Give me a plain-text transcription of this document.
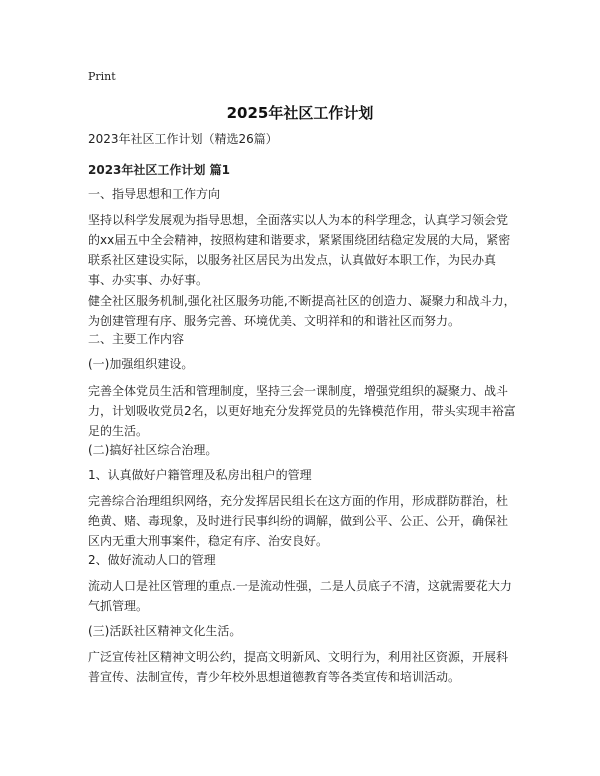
Print
2025年社区工作计划
2023年社区工作计划（精选26篇）
2023年社区工作计划 篇1
一、指导思想和工作方向
坚持以科学发展观为指导思想，全面落实以人为本的科学理念，认真学习领会党的xx届五中全会精神，按照构建和谐要求，紧紧围绕团结稳定发展的大局，紧密联系社区建设实际，以服务社区居民为出发点，认真做好本职工作，为民办真事、办实事、办好事。
健全社区服务机制,强化社区服务功能,不断提高社区的创造力、凝聚力和战斗力，为创建管理有序、服务完善、环境优美、文明祥和的和谐社区而努力。
二、主要工作内容
(一)加强组织建设。
完善全体党员生活和管理制度，坚持三会一课制度，增强党组织的凝聚力、战斗力，计划吸收党员2名，以更好地充分发挥党员的先锋模范作用，带头实现丰裕富足的生活。
(二)搞好社区综合治理。
1、认真做好户籍管理及私房出租户的管理
完善综合治理组织网络，充分发挥居民组长在这方面的作用，形成群防群治，杜绝黄、赌、毒现象，及时进行民事纠纷的调解，做到公平、公正、公开，确保社区内无重大刑事案件，稳定有序、治安良好。
2、做好流动人口的管理
流动人口是社区管理的重点.一是流动性强，二是人员底子不清，这就需要花大力气抓管理。
(三)活跃社区精神文化生活。
广泛宣传社区精神文明公约，提高文明新风、文明行为，利用社区资源，开展科普宣传、法制宣传，青少年校外思想道德教育等各类宣传和培训活动。
